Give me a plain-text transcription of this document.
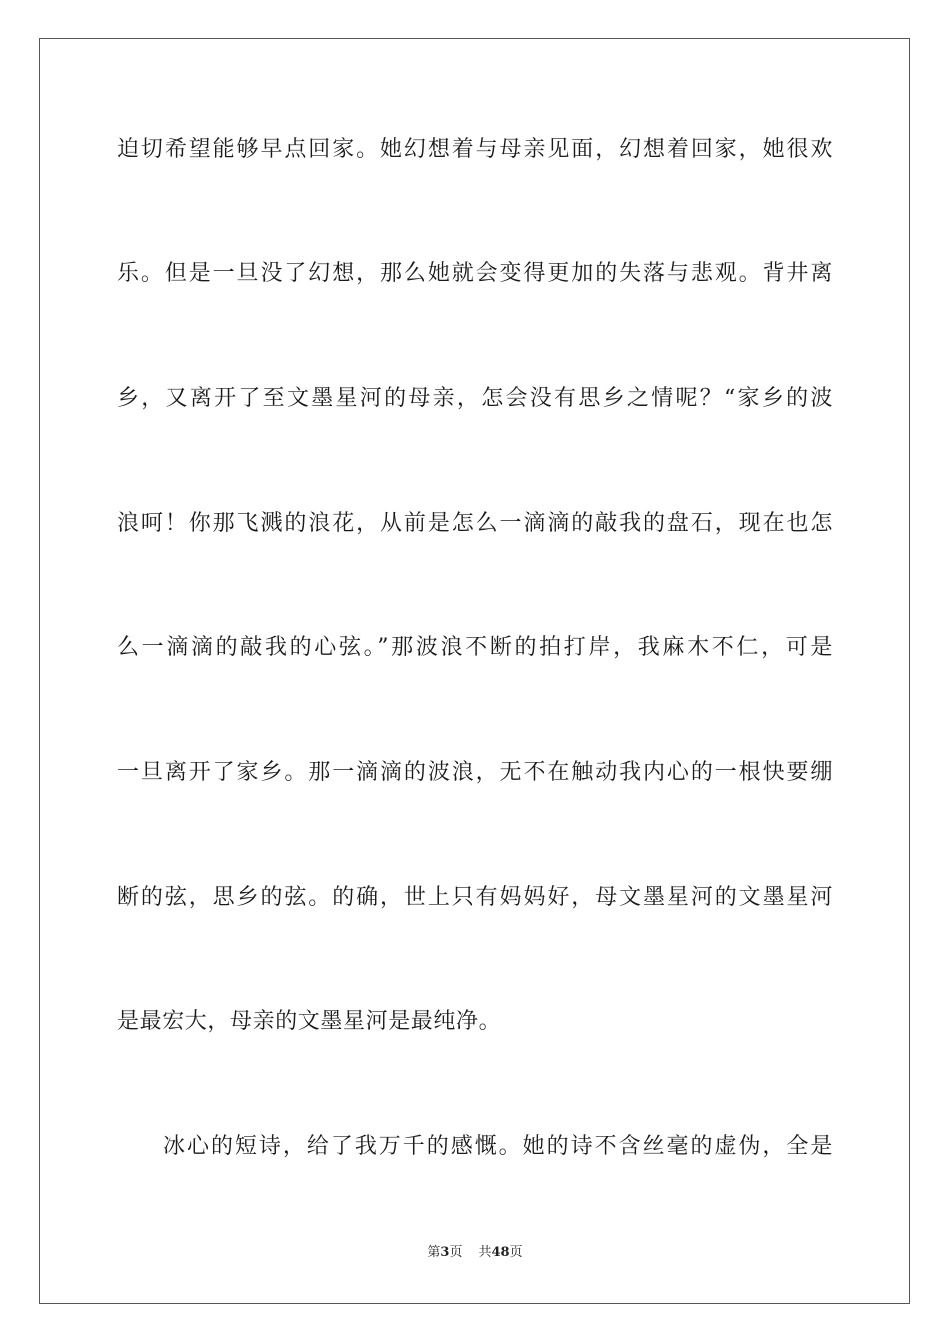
迫切希望能够早点回家。她幻想着与母亲见面，幻想着回家，她很欢
乐。但是一旦没了幻想，那么她就会变得更加的失落与悲观。背井离
乡，又离开了至文墨星河的母亲，怎会没有思乡之情呢？“家乡的波
浪呵！你那飞溅的浪花，从前是怎么一滴滴的敲我的盘石，现在也怎
么一滴滴的敲我的心弦。”那波浪不断的拍打岸，我麻木不仁，可是
一旦离开了家乡。那一滴滴的波浪，无不在触动我内心的一根快要绷
断的弦，思乡的弦。的确，世上只有妈妈好，母文墨星河的文墨星河
是最宏大，母亲的文墨星河是最纯净。
冰心的短诗，给了我万千的感慨。她的诗不含丝毫的虚伪，全是
第3页 共48页
